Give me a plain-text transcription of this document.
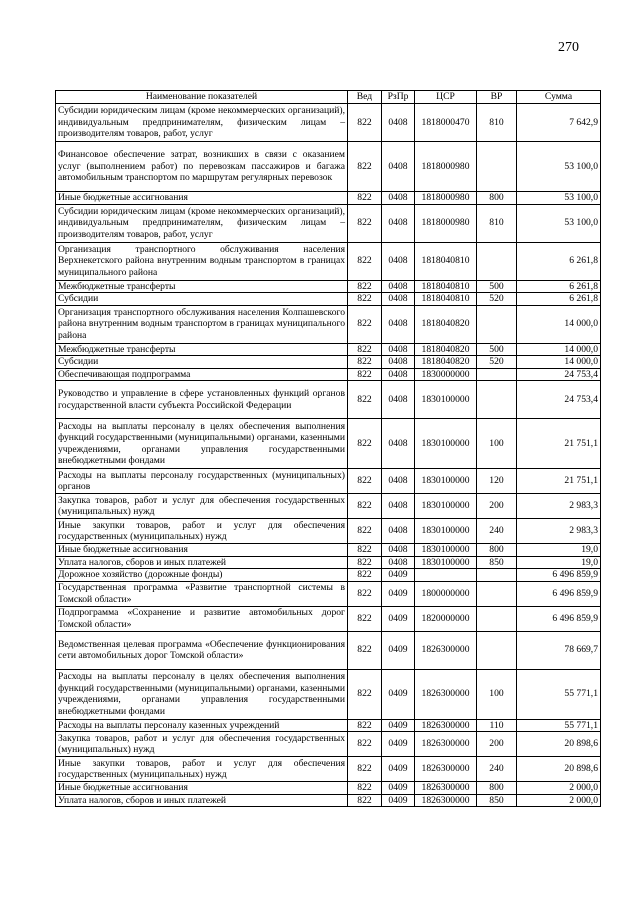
270
Наименование показателей	Вед	РзПр	ЦСР	ВР	Сумма
Субсидии юридическим лицам (кроме некоммерческих организаций), индивидуальным предпринимателям, физическим лицам – производителям товаров, работ, услуг	822	0408	1818000470	810	7 642,9
Финансовое обеспечение затрат, возникших в связи с оказанием услуг (выполнением работ) по перевозкам пассажиров и багажа автомобильным транспортом по маршрутам регулярных перевозок	822	0408	1818000980		53 100,0
Иные бюджетные ассигнования	822	0408	1818000980	800	53 100,0
Субсидии юридическим лицам (кроме некоммерческих организаций), индивидуальным предпринимателям, физическим лицам – производителям товаров, работ, услуг	822	0408	1818000980	810	53 100,0
Организация транспортного обслуживания населения Верхнекетского района внутренним водным транспортом в границах муниципального района	822	0408	1818040810		6 261,8
Межбюджетные трансферты	822	0408	1818040810	500	6 261,8
Субсидии	822	0408	1818040810	520	6 261,8
Организация транспортного обслуживания населения Колпашевского района внутренним водным транспортом в границах муниципального района	822	0408	1818040820		14 000,0
Межбюджетные трансферты	822	0408	1818040820	500	14 000,0
Субсидии	822	0408	1818040820	520	14 000,0
Обеспечивающая подпрограмма	822	0408	1830000000		24 753,4
Руководство и управление в сфере установленных функций органов государственной власти субъекта Российской Федерации	822	0408	1830100000		24 753,4
Расходы на выплаты персоналу в целях обеспечения выполнения функций государственными (муниципальными) органами, казенными учреждениями, органами управления государственными внебюджетными фондами	822	0408	1830100000	100	21 751,1
Расходы на выплаты персоналу государственных (муниципальных) органов	822	0408	1830100000	120	21 751,1
Закупка товаров, работ и услуг для обеспечения государственных (муниципальных) нужд	822	0408	1830100000	200	2 983,3
Иные закупки товаров, работ и услуг для обеспечения государственных (муниципальных) нужд	822	0408	1830100000	240	2 983,3
Иные бюджетные ассигнования	822	0408	1830100000	800	19,0
Уплата налогов, сборов и иных платежей	822	0408	1830100000	850	19,0
Дорожное хозяйство (дорожные фонды)	822	0409			6 496 859,9
Государственная программа «Развитие транспортной системы в Томской области»	822	0409	1800000000		6 496 859,9
Подпрограмма «Сохранение и развитие автомобильных дорог Томской области»	822	0409	1820000000		6 496 859,9
Ведомственная целевая программа «Обеспечение функционирования сети автомобильных дорог Томской области»	822	0409	1826300000		78 669,7
Расходы на выплаты персоналу в целях обеспечения выполнения функций государственными (муниципальными) органами, казенными учреждениями, органами управления государственными внебюджетными фондами	822	0409	1826300000	100	55 771,1
Расходы на выплаты персоналу казенных учреждений	822	0409	1826300000	110	55 771,1
Закупка товаров, работ и услуг для обеспечения государственных (муниципальных) нужд	822	0409	1826300000	200	20 898,6
Иные закупки товаров, работ и услуг для обеспечения государственных (муниципальных) нужд	822	0409	1826300000	240	20 898,6
Иные бюджетные ассигнования	822	0409	1826300000	800	2 000,0
Уплата налогов, сборов и иных платежей	822	0409	1826300000	850	2 000,0
